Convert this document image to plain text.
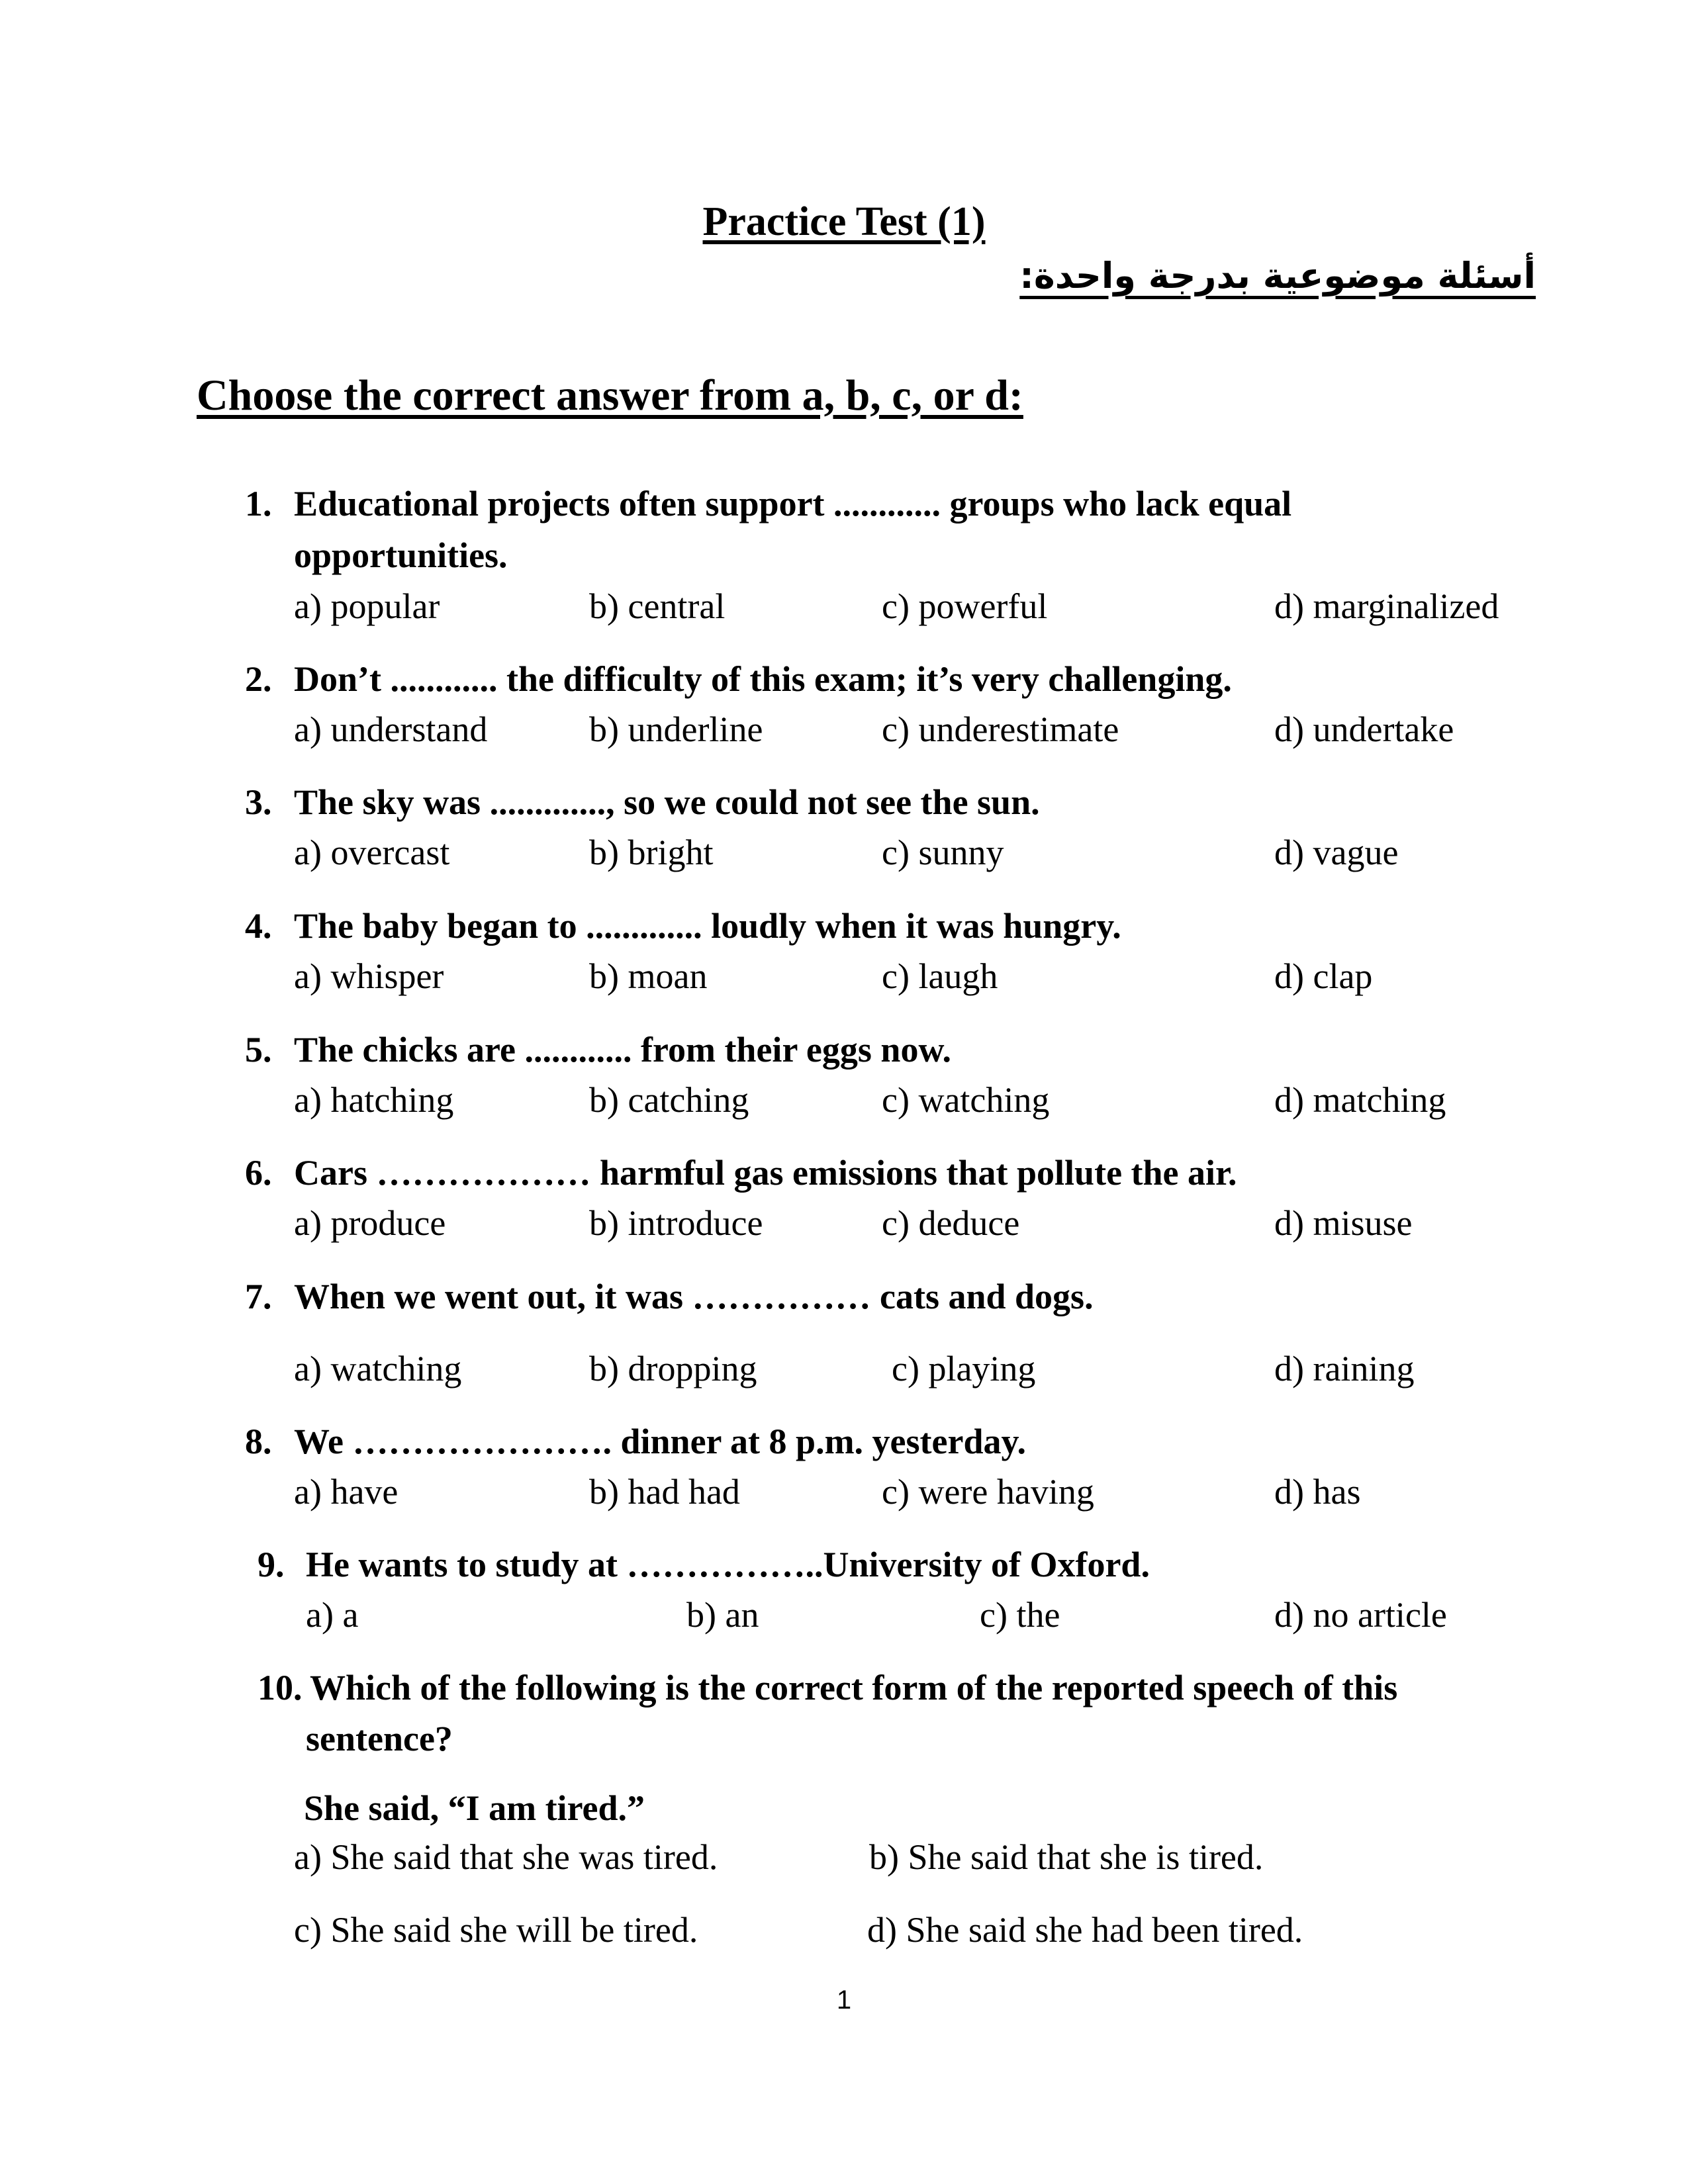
Practice Test (1)
أسئلة موضوعية بدرجة واحدة:
Choose the correct answer from a, b, c, or d:
1. Educational projects often support ............ groups who lack equal
opportunities.
a) popular	b) central	c) powerful	d) marginalized
2. Don’t ............ the difficulty of this exam; it’s very challenging.
a) understand	b) underline	c) underestimate	d) undertake
3. The sky was ............., so we could not see the sun.
a) overcast	b) bright	c) sunny	d) vague
4. The baby began to ............. loudly when it was hungry.
a) whisper	b) moan	c) laugh	d) clap
5. The chicks are ............ from their eggs now.
a) hatching	b) catching	c) watching	d) matching
6. Cars ……………… harmful gas emissions that pollute the air.
a) produce	b) introduce	c) deduce	d) misuse
7. When we went out, it was …………… cats and dogs.
a) watching	b) dropping	c) playing	d) raining
8. We …………………. dinner at 8 p.m. yesterday.
a) have	b) had had	c) were having	d) has
9. He wants to study at ……………..University of Oxford.
a) a	b) an	c) the	d) no article
10. Which of the following is the correct form of the reported speech of this
sentence?
She said, “I am tired.”
a) She said that she was tired.	b) She said that she is tired.
c) She said she will be tired.	d) She said she had been tired.
1
